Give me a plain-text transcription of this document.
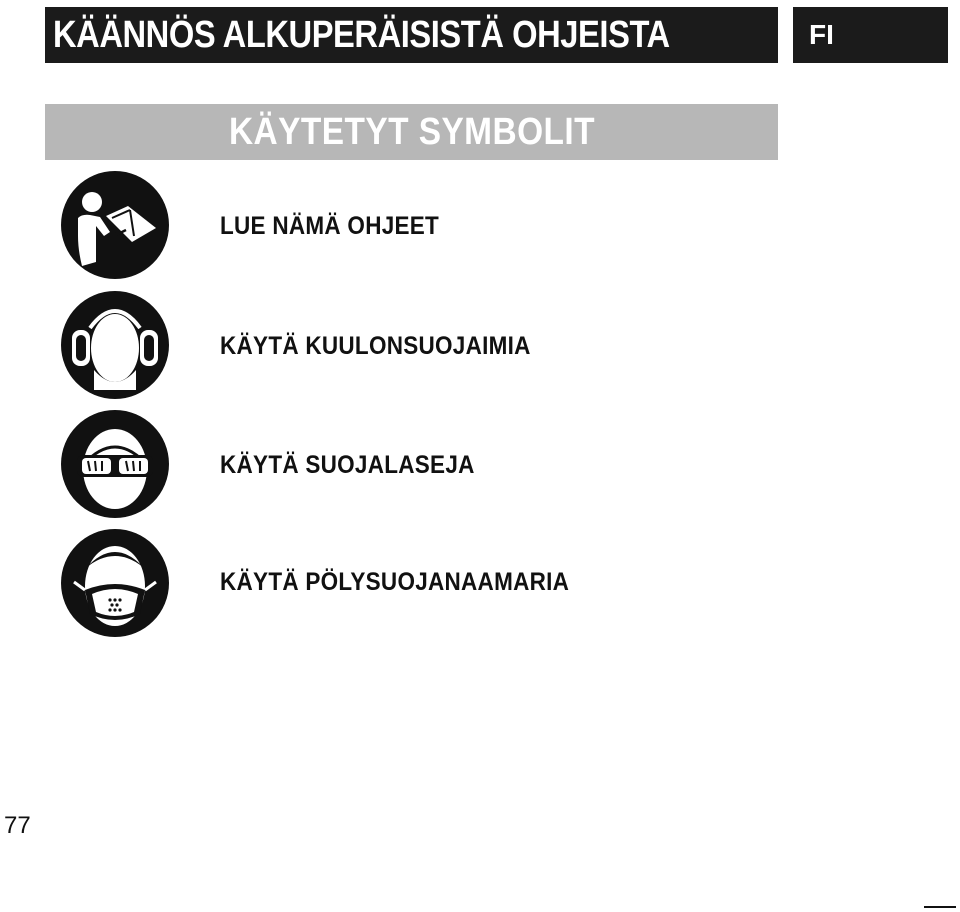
KÄÄNNÖS ALKUPERÄISISTÄ OHJEISTA	FI
KÄYTETYT SYMBOLIT
LUE NÄMÄ OHJEET
KÄYTÄ KUULONSUOJAIMIA
KÄYTÄ SUOJALASEJA
KÄYTÄ PÖLYSUOJANAAMARIA
77
